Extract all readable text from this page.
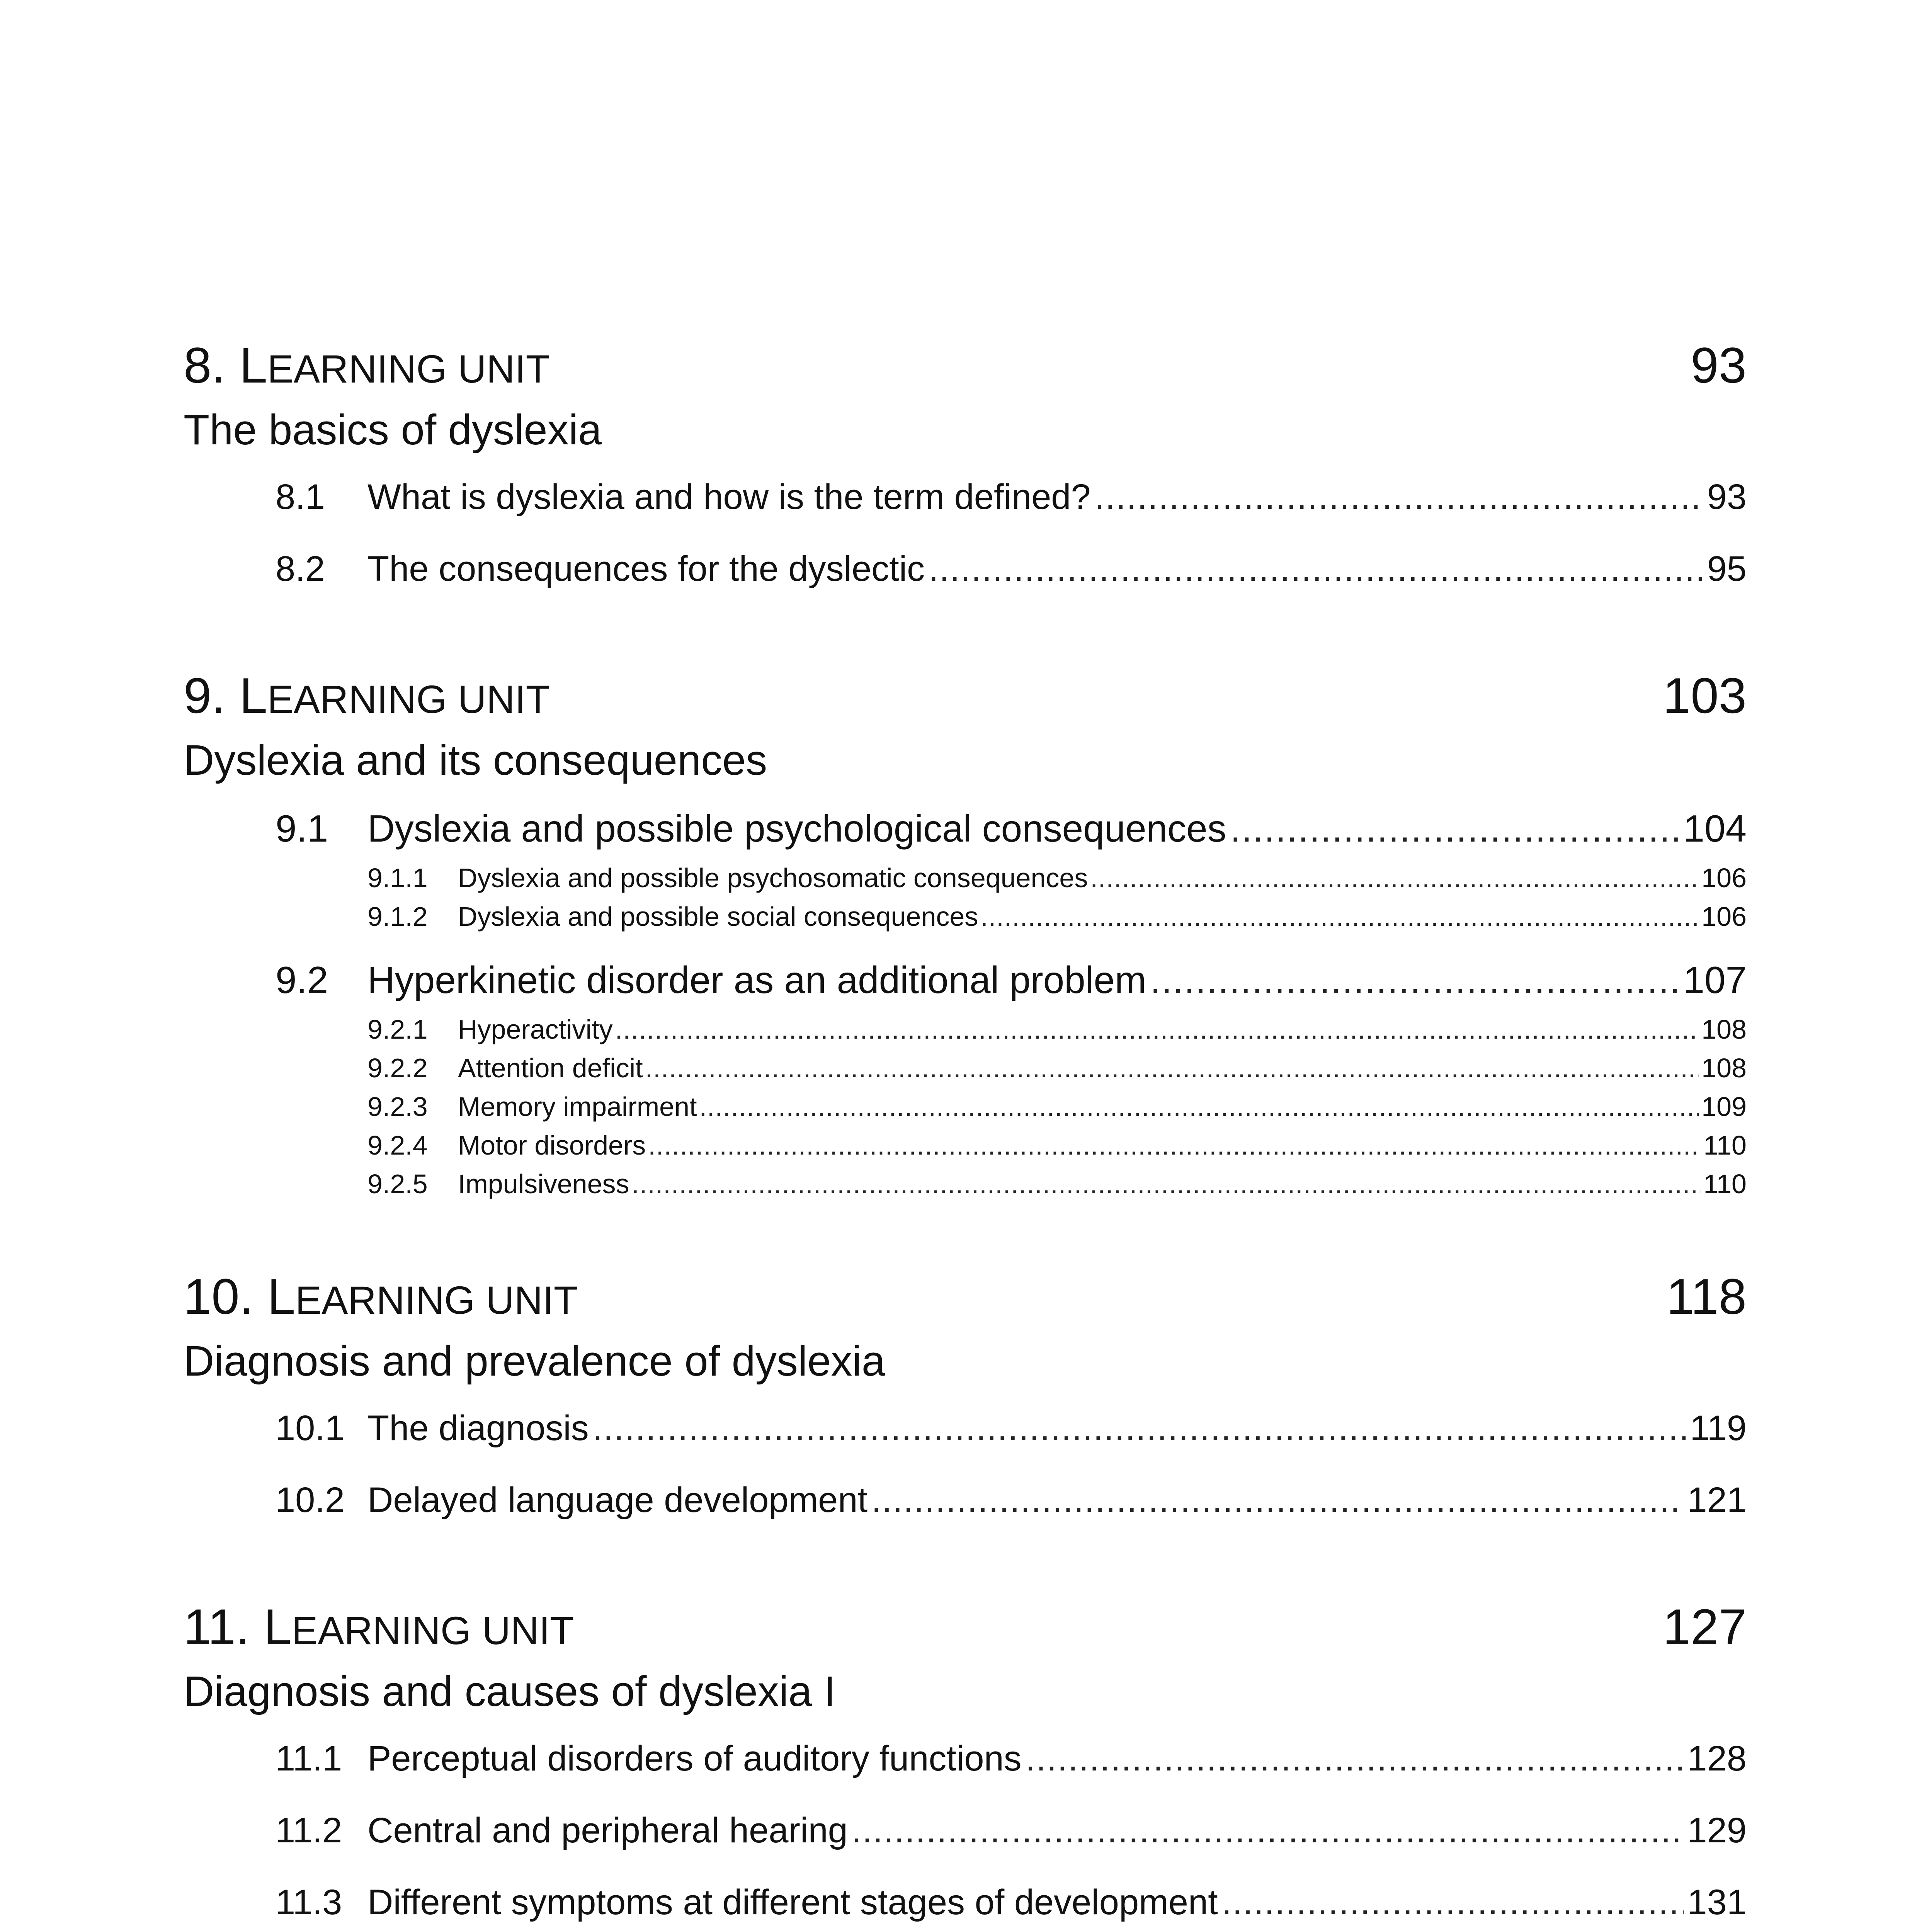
8. LEARNING UNIT	93
The basics of dyslexia
8.1	What is dyslexia and how is the term defined? .....	93
8.2	The consequences for the dyslectic .....	95
9. LEARNING UNIT	103
Dyslexia and its consequences
9.1	Dyslexia and possible psychological consequences .....	104
9.1.1	Dyslexia and possible psychosomatic consequences .....	106
9.1.2	Dyslexia and possible social consequences .....	106
9.2	Hyperkinetic disorder as an additional problem .....	107
9.2.1	Hyperactivity .....	108
9.2.2	Attention deficit .....	108
9.2.3	Memory impairment .....	109
9.2.4	Motor disorders .....	110
9.2.5	Impulsiveness .....	110
10. LEARNING UNIT	118
Diagnosis and prevalence of dyslexia
10.1 The diagnosis .....	119
10.2 Delayed language development .....	121
11. LEARNING UNIT	127
Diagnosis and causes of dyslexia I
11.1 Perceptual disorders of auditory functions .....	128
11.2 Central and peripheral hearing .....	129
11.3 Different symptoms at different stages of development .....	131
